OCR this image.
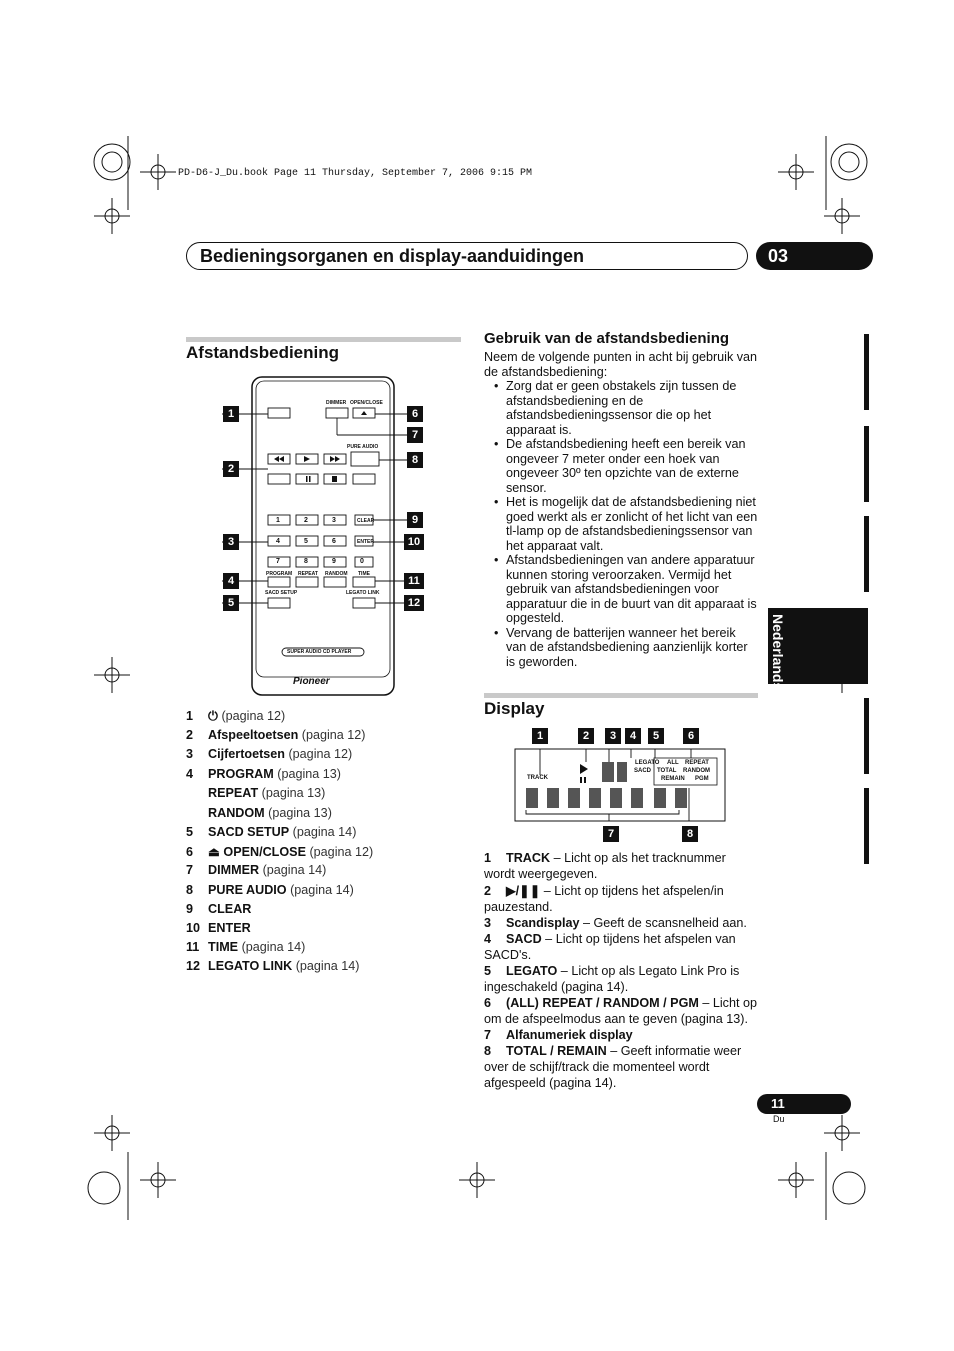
PD-D6-J_Du.book Page 11 Thursday, September 7, 2006 9:15 PM
Bedieningsorganen en display-aanduidingen	03
Afstandsbediening
DIMMER OPEN/CLOSE
PURE AUDIO
CLEAR
ENTER
PROGRAM REPEAT RANDOM TIME
SACD SETUP	LEGATO LINK
SUPER AUDIO CD PLAYER
Pioneer
1	2	3
4	5	6
7	8	9	0
1
2
3
4
5
6
7
8
9
10
11
12
1 ⏻ (pagina 12)
2 Afspeeltoetsen (pagina 12)
3 Cijfertoetsen (pagina 12)
4 PROGRAM (pagina 13)
REPEAT (pagina 13)
RANDOM (pagina 13)
5 SACD SETUP (pagina 14)
6 ⏏ OPEN/CLOSE (pagina 12)
7 DIMMER (pagina 14)
8 PURE AUDIO (pagina 14)
9 CLEAR
10 ENTER
11 TIME (pagina 14)
12 LEGATO LINK (pagina 14)
Gebruik van de afstandsbediening
Neem de volgende punten in acht bij gebruik van de afstandsbediening:
• Zorg dat er geen obstakels zijn tussen de afstandsbediening en de afstandsbedieningssensor die op het apparaat is.
• De afstandsbediening heeft een bereik van ongeveer 7 meter onder een hoek van ongeveer 30º ten opzichte van de externe sensor.
• Het is mogelijk dat de afstandsbediening niet goed werkt als er zonlicht of het licht van een tl-lamp op de afstandsbedieningssensor van het apparaat valt.
• Afstandsbedieningen van andere apparatuur kunnen storing veroorzaken. Vermijd het gebruik van afstandsbedieningen voor apparatuur die in de buurt van dit apparaat is opgesteld.
• Vervang de batterijen wanneer het bereik van de afstandsbediening aanzienlijk korter is geworden.
Display
TRACK
LEGATO
SACD
ALL REPEAT
TOTAL RANDOM
REMAIN PGM
1	2	3	4	5	6
7	8
1 TRACK – Licht op als het tracknummer wordt weergegeven.
2 ▶/❚❚ – Licht op tijdens het afspelen/in pauzestand.
3 Scandisplay – Geeft de scansnelheid aan.
4 SACD – Licht op tijdens het afspelen van SACD's.
5 LEGATO – Licht op als Legato Link Pro is ingeschakeld (pagina 14).
6 (ALL) REPEAT / RANDOM / PGM – Licht op om de afspeelmodus aan te geven (pagina 13).
7 Alfanumeriek display
8 TOTAL / REMAIN – Geeft informatie weer over de schijf/track die momenteel wordt afgespeeld (pagina 14).
Nederlands
11
Du
